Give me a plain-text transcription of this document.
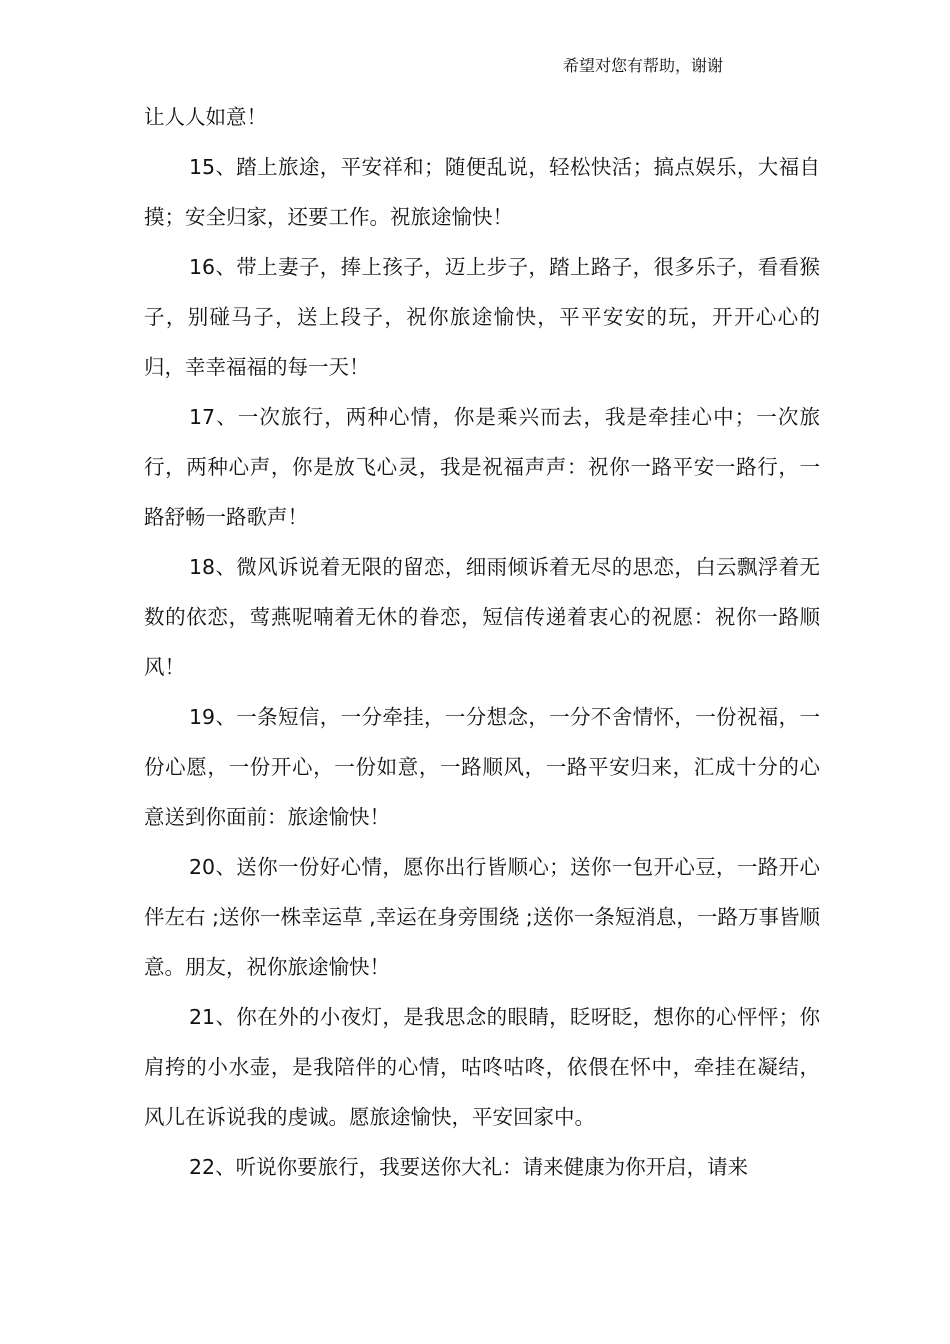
希望对您有帮助，谢谢

让人人如意！

15、踏上旅途，平安祥和；随便乱说，轻松快活；搞点娱乐，大福自摸；安全归家，还要工作。祝旅途愉快！

16、带上妻子，捧上孩子，迈上步子，踏上路子，很多乐子，看看猴子，别碰马子，送上段子，祝你旅途愉快，平平安安的玩，开开心心的归，幸幸福福的每一天！

17、一次旅行，两种心情，你是乘兴而去，我是牵挂心中；一次旅行，两种心声，你是放飞心灵，我是祝福声声：祝你一路平安一路行，一路舒畅一路歌声！

18、微风诉说着无限的留恋，细雨倾诉着无尽的思恋，白云飘浮着无数的依恋，莺燕呢喃着无休的眷恋，短信传递着衷心的祝愿：祝你一路顺风！

19、一条短信，一分牵挂，一分想念，一分不舍情怀，一份祝福，一份心愿，一份开心，一份如意，一路顺风，一路平安归来，汇成十分的心意送到你面前：旅途愉快！

20、送你一份好心情，愿你出行皆顺心；送你一包开心豆，一路开心伴左右 ;送你一株幸运草 ,幸运在身旁围绕 ;送你一条短消息，一路万事皆顺意。朋友，祝你旅途愉快！

21、你在外的小夜灯，是我思念的眼睛，眨呀眨，想你的心怦怦；你肩挎的小水壶，是我陪伴的心情，咕咚咕咚，依偎在怀中，牵挂在凝结，风儿在诉说我的虔诚。愿旅途愉快，平安回家中。

22、听说你要旅行，我要送你大礼：请来健康为你开启，请来
